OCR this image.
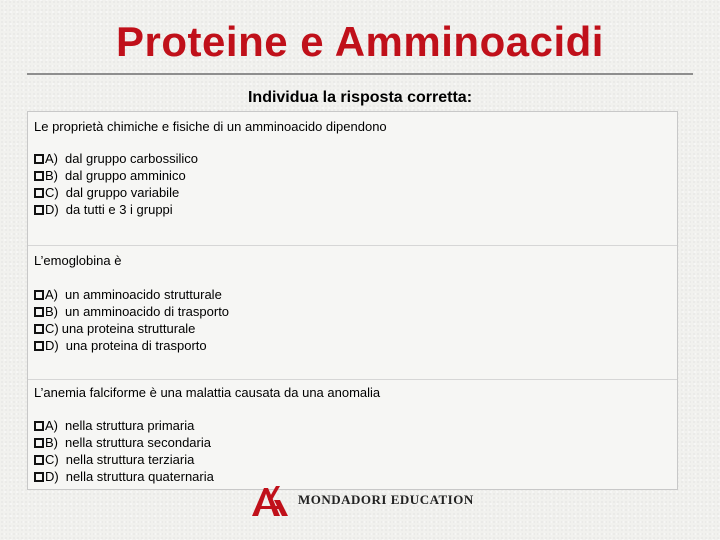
Proteine e Amminoacidi
Individua la risposta corretta:
Le proprietà chimiche e fisiche di un amminoacido dipendono
A) dal gruppo carbossilico
B) dal gruppo amminico
C) dal gruppo variabile
D) da tutti e 3 i gruppi
L’emoglobina è
A) un amminoacido strutturale
B) un amminoacido di trasporto
C) una proteina strutturale
D) una proteina di trasporto
L’anemia falciforme è una malattia causata da una anomalia
A) nella struttura primaria
B) nella struttura secondaria
C) nella struttura terziaria
D) nella struttura quaternaria
MONDADORI EDUCATION
